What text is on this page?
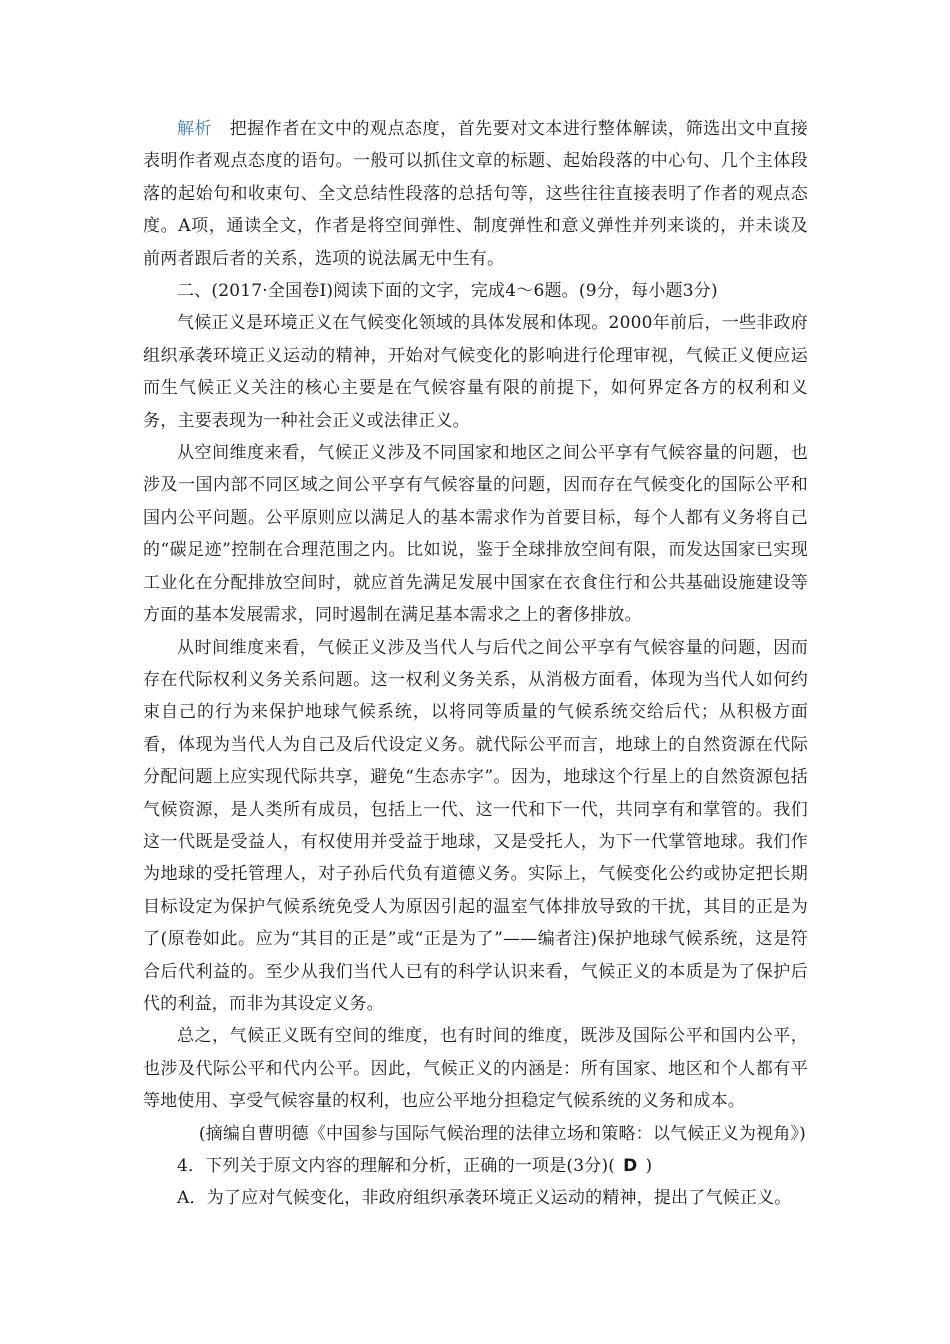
解析　 把握作者在文中的观点态度，首先要对文本进行整体解读，筛选出文中直接表明作者观点态度的语句。一般可以抓住文章的标题、起始段落的中心句、几个主体段落的起始句和收束句、全文总结性段落的总括句等，这些往往直接表明了作者的观点态度。A项，通读全文，作者是将空间弹性、制度弹性和意义弹性并列来谈的，并未谈及前两者跟后者的关系，选项的说法属无中生有。

二、(2017·全国卷Ⅰ)阅读下面的文字，完成4～6题。(9分，每小题3分)

气候正义是环境正义在气候变化领域的具体发展和体现。2000年前后，一些非政府组织承袭环境正义运动的精神，开始对气候变化的影响进行伦理审视，气候正义便应运而生气候正义关注的核心主要是在气候容量有限的前提下，如何界定各方的权利和义务，主要表现为一种社会正义或法律正义。

从空间维度来看，气候正义涉及不同国家和地区之间公平享有气候容量的问题，也涉及一国内部不同区域之间公平享有气候容量的问题，因而存在气候变化的国际公平和国内公平问题。公平原则应以满足人的基本需求作为首要目标，每个人都有义务将自己的“碳足迹”控制在合理范围之内。比如说，鉴于全球排放空间有限，而发达国家已实现工业化在分配排放空间时，就应首先满足发展中国家在衣食住行和公共基础设施建设等方面的基本发展需求，同时遏制在满足基本需求之上的奢侈排放。

从时间维度来看，气候正义涉及当代人与后代之间公平享有气候容量的问题，因而存在代际权利义务关系问题。这一权利义务关系，从消极方面看，体现为当代人如何约束自己的行为来保护地球气候系统，以将同等质量的气候系统交给后代；从积极方面看，体现为当代人为自己及后代设定义务。就代际公平而言，地球上的自然资源在代际分配问题上应实现代际共享，避免“生态赤字”。因为，地球这个行星上的自然资源包括气候资源，是人类所有成员，包括上一代、这一代和下一代，共同享有和掌管的。我们这一代既是受益人，有权使用并受益于地球，又是受托人，为下一代掌管地球。我们作为地球的受托管理人，对子孙后代负有道德义务。实际上，气候变化公约或协定把长期目标设定为保护气候系统免受人为原因引起的温室气体排放导致的干扰，其目的正是为了(原卷如此。应为“其目的正是”或“正是为了”——编者注)保护地球气候系统，这是符合后代利益的。至少从我们当代人已有的科学认识来看，气候正义的本质是为了保护后代的利益，而非为其设定义务。

总之，气候正义既有空间的维度，也有时间的维度，既涉及国际公平和国内公平，也涉及代际公平和代内公平。因此，气候正义的内涵是：所有国家、地区和个人都有平等地使用、享受气候容量的权利，也应公平地分担稳定气候系统的义务和成本。

(摘编自曹明德《中国参与国际气候治理的法律立场和策略：以气候正义为视角》)

4．下列关于原文内容的理解和分析，正确的一项是(3分)( D )

A．为了应对气候变化，非政府组织承袭环境正义运动的精神，提出了气候正义。
